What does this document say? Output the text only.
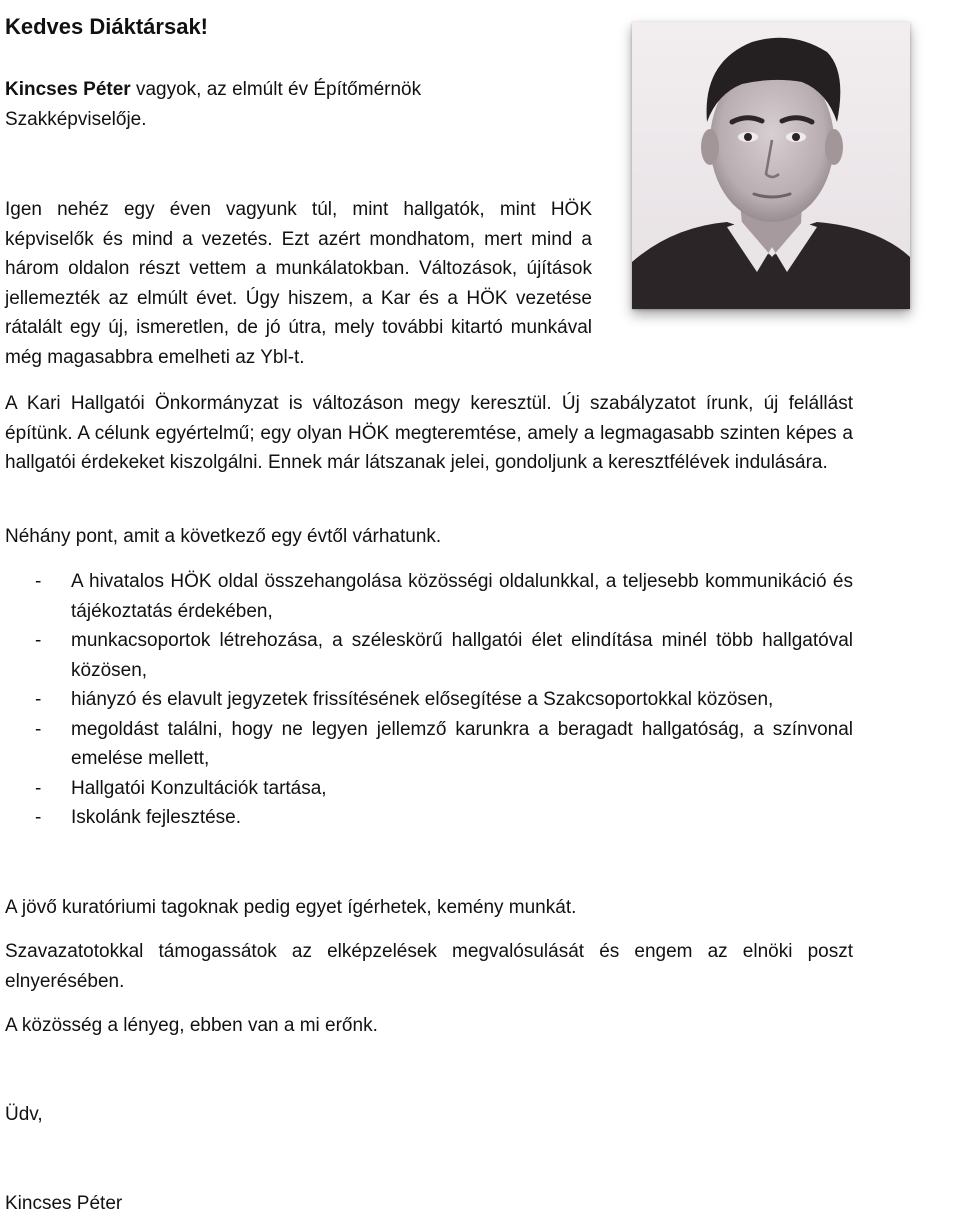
Kedves Diáktársak!

Kincses Péter vagyok, az elmúlt év Építőmérnök Szakképviselője.

Igen nehéz egy éven vagyunk túl, mint hallgatók, mint HÖK képviselők és mind a vezetés. Ezt azért mondhatom, mert mind a három oldalon részt vettem a munkálatokban. Változások, újítások jellemezték az elmúlt évet. Úgy hiszem, a Kar és a HÖK vezetése rátalált egy új, ismeretlen, de jó útra, mely további kitartó munkával még magasabbra emelheti az Ybl-t.

A Kari Hallgatói Önkormányzat is változáson megy keresztül. Új szabályzatot írunk, új felállást építünk. A célunk egyértelmű; egy olyan HÖK megteremtése, amely a legmagasabb szinten képes a hallgatói érdekeket kiszolgálni. Ennek már látszanak jelei, gondoljunk a keresztfélévek indulására.

Néhány pont, amit a következő egy évtől várhatunk.

- A hivatalos HÖK oldal összehangolása közösségi oldalunkkal, a teljesebb kommunikáció és tájékoztatás érdekében,
- munkacsoportok létrehozása, a széleskörű hallgatói élet elindítása minél több hallgatóval közösen,
- hiányzó és elavult jegyzetek frissítésének elősegítése a Szakcsoportokkal közösen,
- megoldást találni, hogy ne legyen jellemző karunkra a beragadt hallgatóság, a színvonal emelése mellett,
- Hallgatói Konzultációk tartása,
- Iskolánk fejlesztése.

A jövő kuratóriumi tagoknak pedig egyet ígérhetek, kemény munkát.

Szavazatotokkal támogassátok az elképzelések megvalósulását és engem az elnöki poszt elnyerésében.

A közösség a lényeg, ebben van a mi erőnk.

Üdv,

Kincses Péter
